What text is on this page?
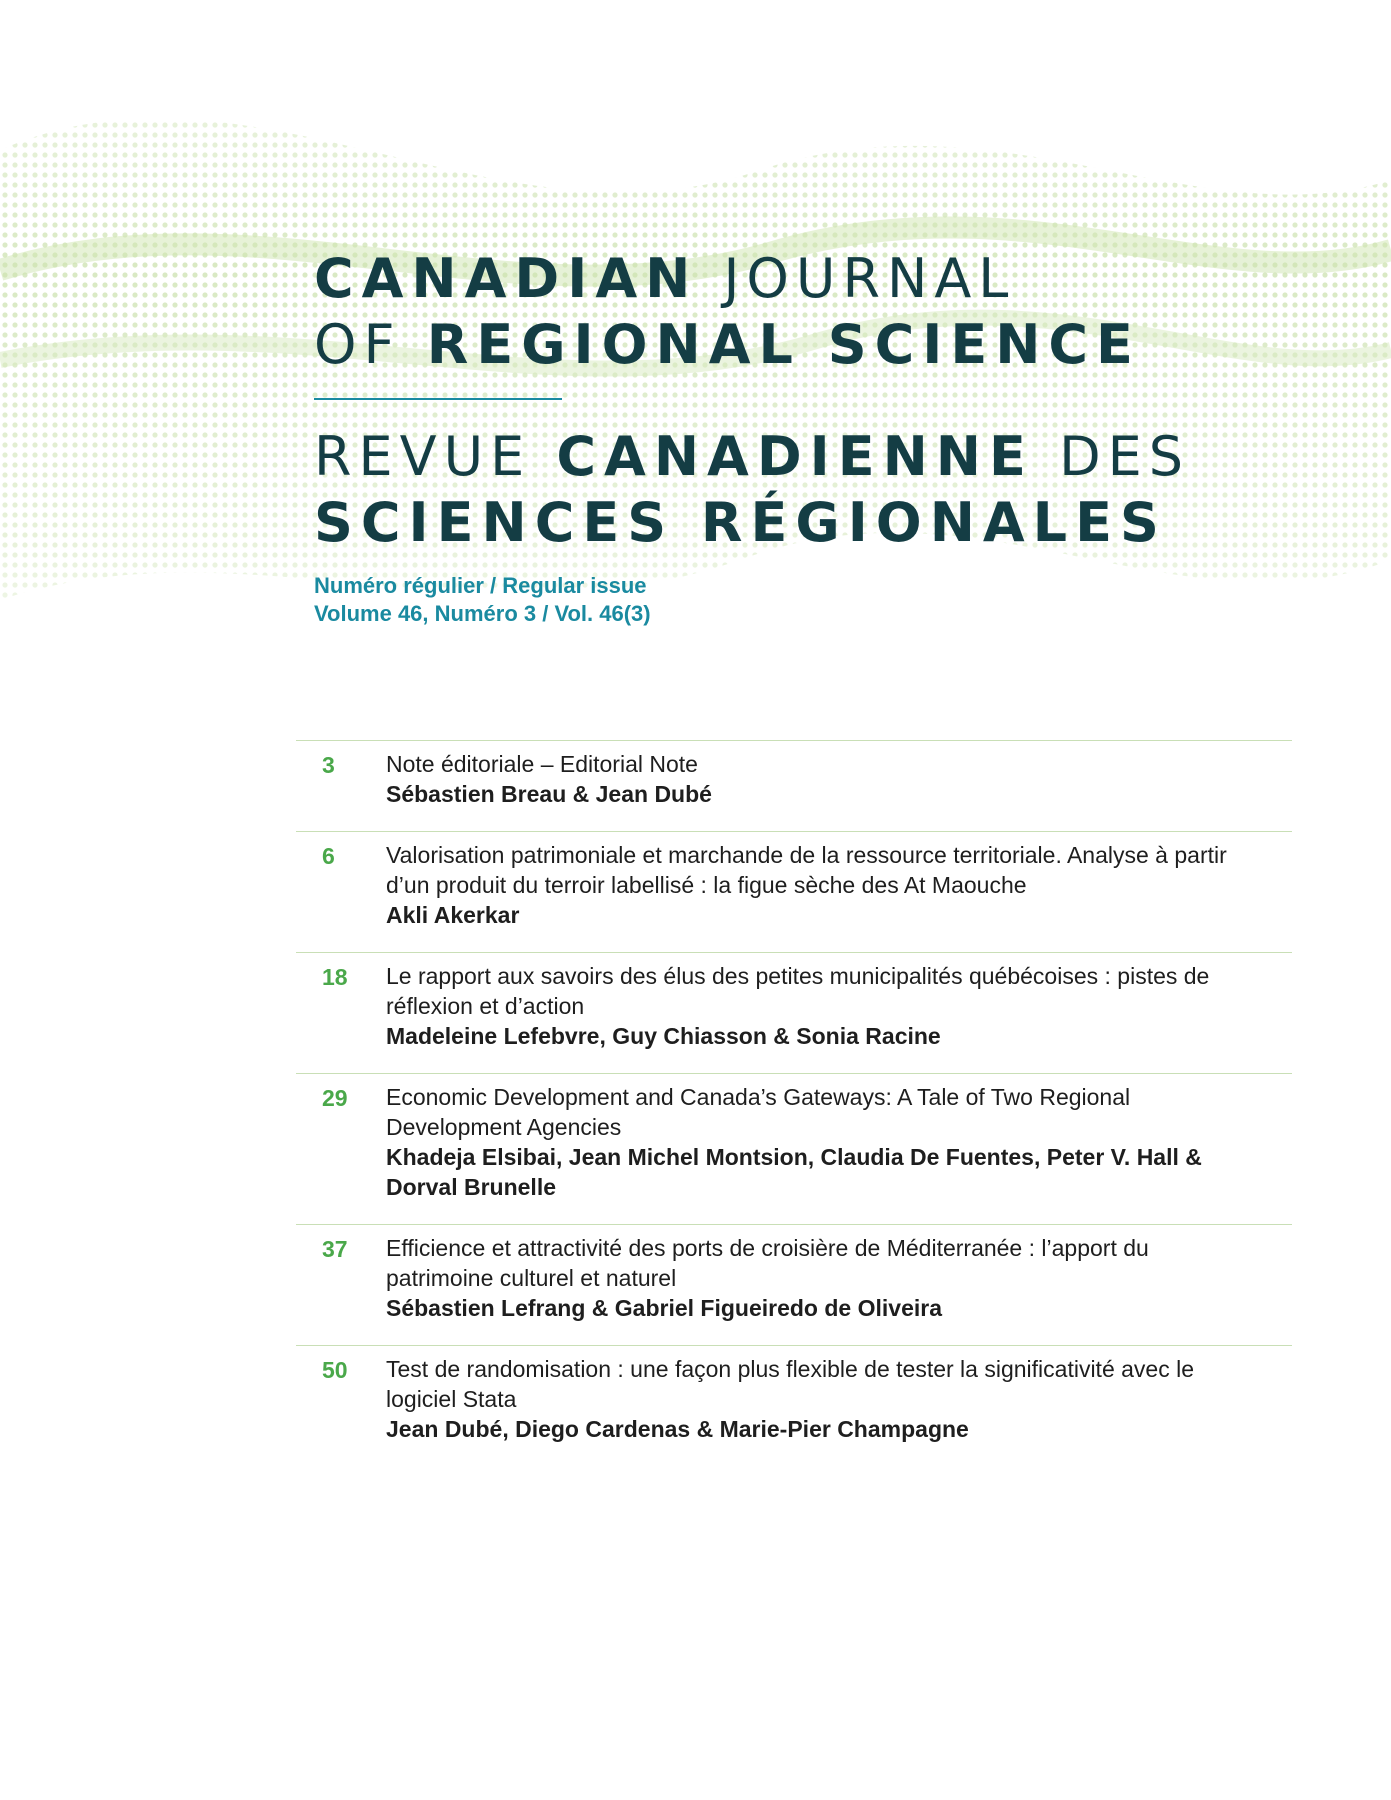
CANADIAN JOURNAL
OF REGIONAL SCIENCE
REVUE CANADIENNE DES
SCIENCES RÉGIONALES
Numéro régulier / Regular issue
Volume 46, Numéro 3 / Vol. 46(3)
3	Note éditoriale – Editorial Note
Sébastien Breau & Jean Dubé
6	Valorisation patrimoniale et marchande de la ressource territoriale. Analyse à partir
d’un produit du terroir labellisé : la figue sèche des At Maouche
Akli Akerkar
18	Le rapport aux savoirs des élus des petites municipalités québécoises : pistes de
réflexion et d’action
Madeleine Lefebvre, Guy Chiasson & Sonia Racine
29	Economic Development and Canada’s Gateways: A Tale of Two Regional
Development Agencies
Khadeja Elsibai, Jean Michel Montsion, Claudia De Fuentes, Peter V. Hall &
Dorval Brunelle
37	Efficience et attractivité des ports de croisière de Méditerranée : l’apport du
patrimoine culturel et naturel
Sébastien Lefrang & Gabriel Figueiredo de Oliveira
50	Test de randomisation : une façon plus flexible de tester la significativité avec le
logiciel Stata
Jean Dubé, Diego Cardenas & Marie-Pier Champagne
